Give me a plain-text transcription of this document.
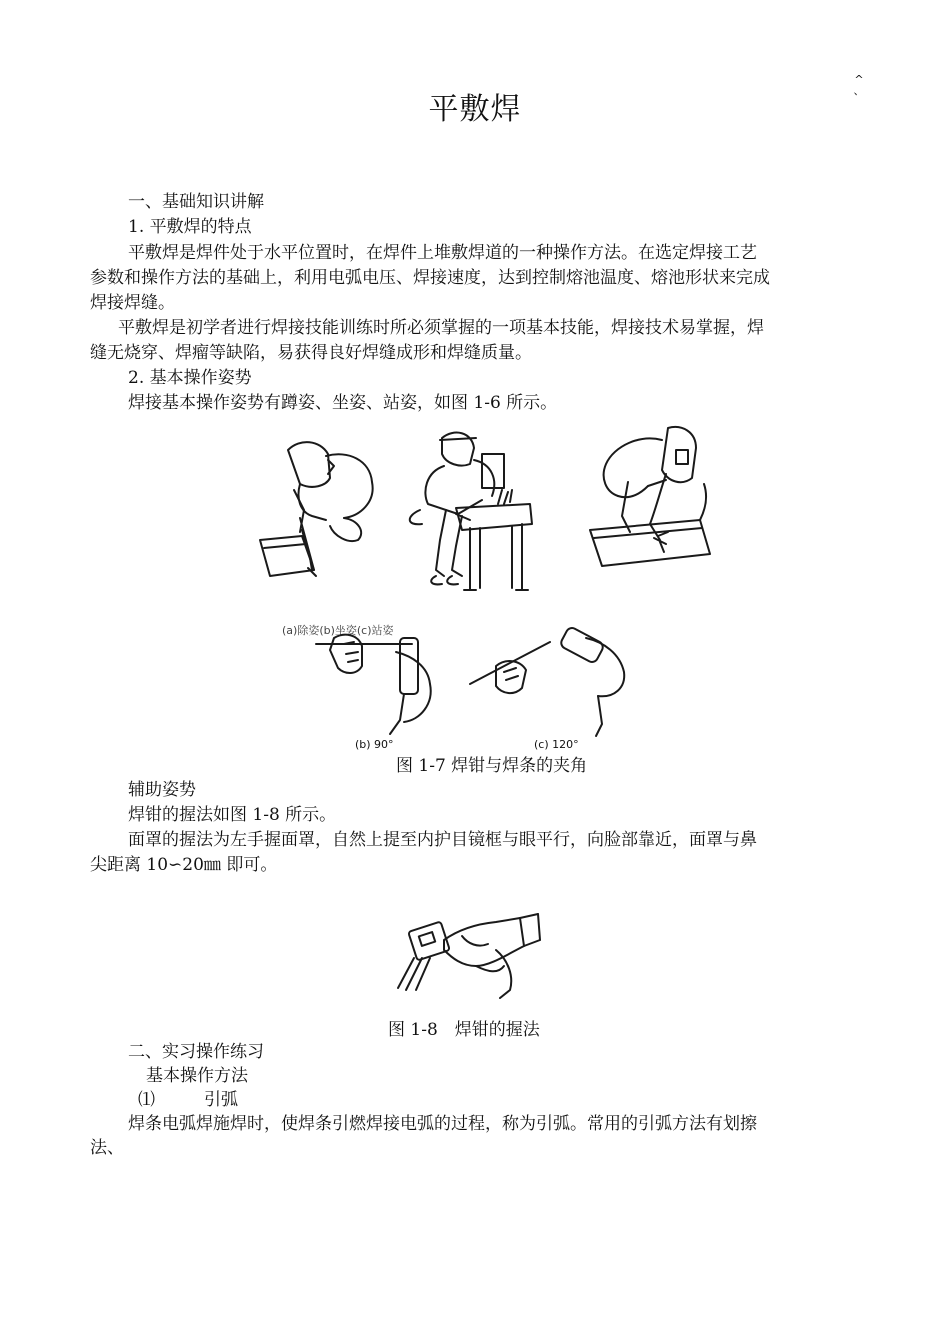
平敷焊
^ 、
一、基础知识讲解
1. 平敷焊的特点
平敷焊是焊件处于水平位置时，在焊件上堆敷焊道的一种操作方法。在选定焊接工艺
参数和操作方法的基础上，利用电弧电压、焊接速度，达到控制熔池温度、熔池形状来完成
焊接焊缝。
平敷焊是初学者进行焊接技能训练时所必须掌握的一项基本技能，焊接技术易掌握，焊
缝无烧穿、焊瘤等缺陷，易获得良好焊缝成形和焊缝质量。
2. 基本操作姿势
焊接基本操作姿势有蹲姿、坐姿、站姿，如图 1-6 所示。
(a)除姿(b)坐姿(c)站姿
(b) 90°	(c) 120°
图 1-7 焊钳与焊条的夹角
辅助姿势
焊钳的握法如图 1-8 所示。
面罩的握法为左手握面罩，自然上提至内护目镜框与眼平行，向脸部靠近，面罩与鼻
尖距离 10∽20㎜ 即可。
图 1-8　焊钳的握法
二、实习操作练习
基本操作方法
⑴	引弧
焊条电弧焊施焊时，使焊条引燃焊接电弧的过程，称为引弧。常用的引弧方法有划擦
法、
